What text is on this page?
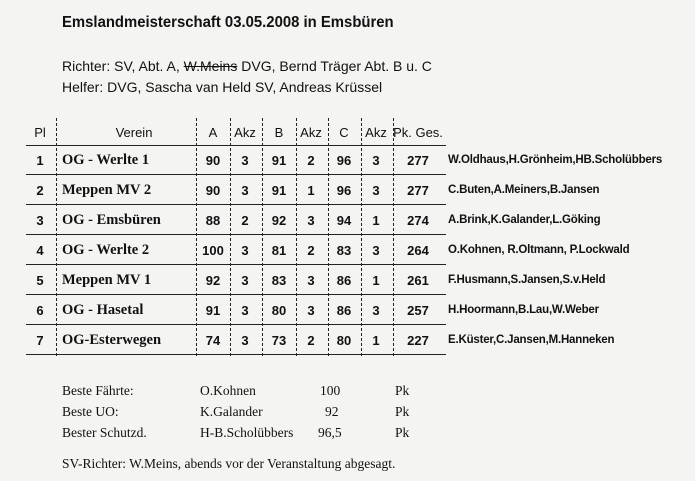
Emslandmeisterschaft 03.05.2008 in Emsbüren
Richter: SV, Abt. A, W.Meins DVG, Bernd Träger Abt. B u. C
Helfer: DVG, Sascha van Held SV, Andreas Krüssel
Pl	Verein	A	Akz	B	Akz	C	Akz Pk. Ges.
1	OG - Werlte 1	90	3	91	2	96	3	277	W.Oldhaus,H.Grönheim,HB.Scholübbers
2	Meppen MV 2	90	3	91	1	96	3	277	C.Buten,A.Meiners,B.Jansen
3	OG - Emsbüren	88	2	92	3	94	1	274	A.Brink,K.Galander,L.Göking
4	OG - Werlte 2	100	3	81	2	83	3	264	O.Kohnen, R.Oltmann, P.Lockwald
5	Meppen MV 1	92	3	83	3	86	1	261	F.Husmann,S.Jansen,S.v.Held
6	OG - Hasetal	91	3	80	3	86	3	257	H.Hoormann,B.Lau,W.Weber
7	OG-Esterwegen	74	3	73	2	80	1	227	E.Küster,C.Jansen,M.Hanneken
Beste Fährte:	O.Kohnen	100	Pk
Beste UO:	K.Galander	92	Pk
Bester Schutzd.	H-B.Scholübbers 96,5	Pk
SV-Richter: W.Meins, abends vor der Veranstaltung abgesagt.
